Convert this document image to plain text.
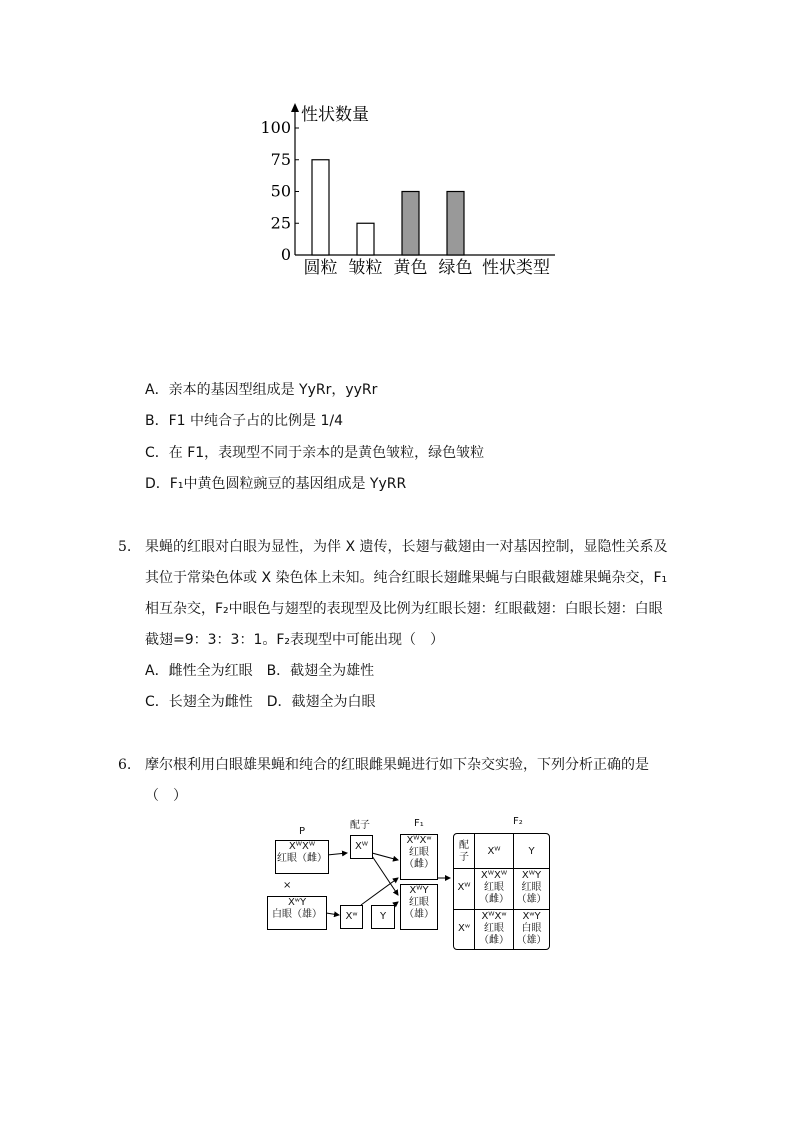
性状数量
0
25
50
75
100
圆粒 皱粒 黄色 绿色 性状类型
A．亲本的基因型组成是 YyRr，yyRr
B．F1 中纯合子占的比例是 1/4
C．在 F1，表现型不同于亲本的是黄色皱粒，绿色皱粒
D．F₁中黄色圆粒豌豆的基因组成是 YyRR
5. 果蝇的红眼对白眼为显性，为伴 X 遗传，长翅与截翅由一对基因控制，显隐性关系及
其位于常染色体或 X 染色体上未知。纯合红眼长翅雌果蝇与白眼截翅雄果蝇杂交，F₁
相互杂交，F₂中眼色与翅型的表现型及比例为红眼长翅：红眼截翅：白眼长翅：白眼
截翅=9：3：3：1。F₂表现型中可能出现（　）
A．雌性全为红眼　B．截翅全为雄性
C．长翅全为雌性　D．截翅全为白眼
6. 摩尔根利用白眼雄果蝇和纯合的红眼雌果蝇进行如下杂交实验，下列分析正确的是
（　）
P
XᵂXᵂ
红眼（雌）
×
XʷY
白眼（雄）
配子
Xᵂ
Xʷ	Y
F₁
XᵂXʷ
红眼
（雌）
XᵂY
红眼
（雄）
F₂
配
子
Xᵂ	Y
Xᵂ
Xʷ
XᵂXᵂ
红眼
（雌）
XᵂY
红眼
（雄）
XᵂXʷ
红眼
（雌）
XʷY
白眼
（雄）
